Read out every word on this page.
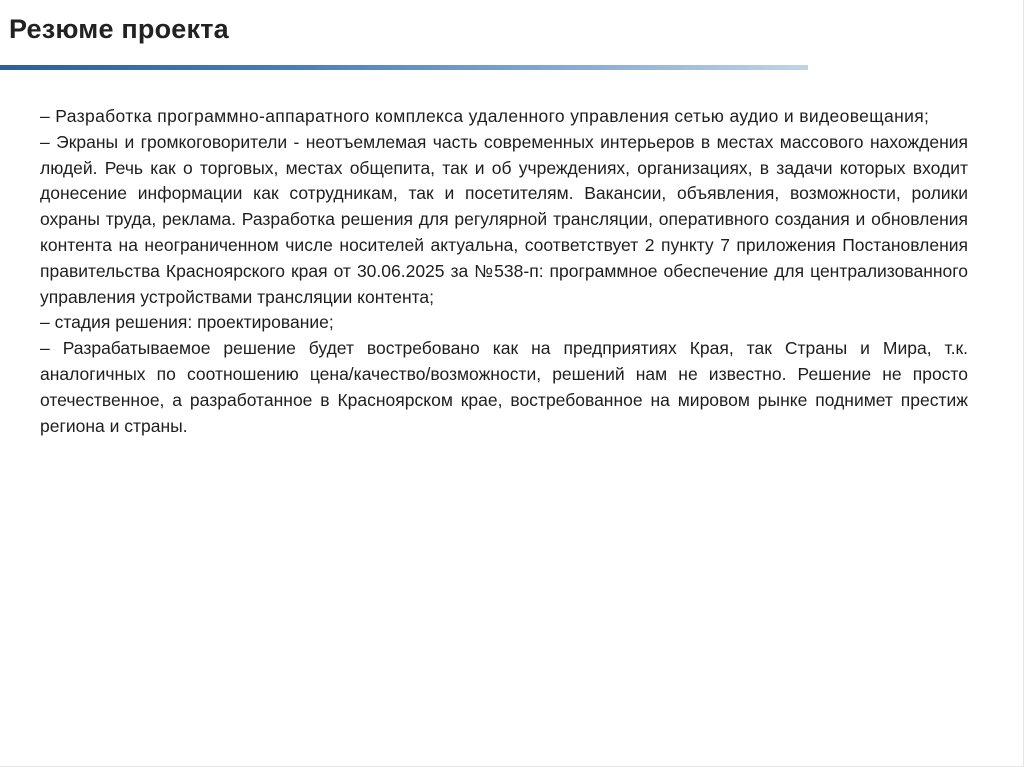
Резюме проекта

– Разработка программно-аппаратного комплекса удаленного управления сетью аудио и видеовещания;

– Экраны и громкоговорители - неотъемлемая часть современных интерьеров в местах массового нахождения людей. Речь как о торговых, местах общепита, так и об учреждениях, организациях, в задачи которых входит донесение информации как сотрудникам, так и посетителям. Вакансии, объявления, возможности, ролики охраны труда, реклама. Разработка решения для регулярной трансляции, оперативного создания и обновления контента на неограниченном числе носителей актуальна, соответствует 2 пункту 7 приложения Постановления правительства Красноярского края от 30.06.2025 за №538-п: программное обеспечение для централизованного управления устройствами трансляции контента;

– стадия решения: проектирование;

– Разрабатываемое решение будет востребовано как на предприятиях Края, так Страны и Мира, т.к. аналогичных по соотношению цена/качество/возможности, решений нам не известно. Решение не просто отечественное, а разработанное в Красноярском крае, востребованное на мировом рынке поднимет престиж региона и страны.
